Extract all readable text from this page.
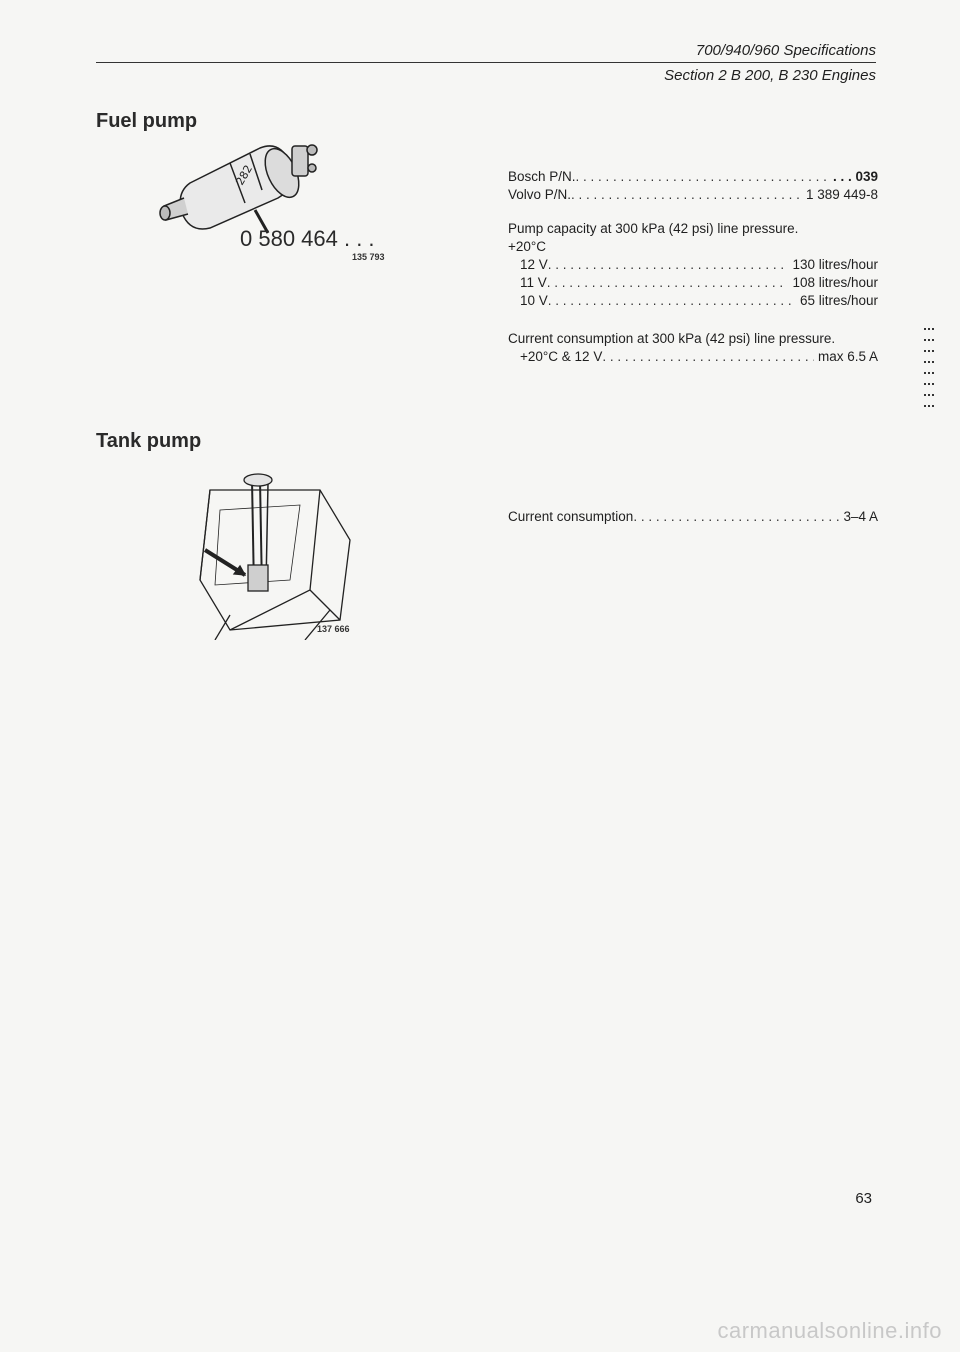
700/940/960 Specifications
Section 2 B 200, B 230 Engines
Fuel pump
282
0 580 464 . . .
135 793
Bosch P/N. . . .	. . . 039
Volvo P/N. . . .	1 389 449-8
Pump capacity at 300 kPa (42 psi) line pressure.
+20°C
12 V . . .	130 litres/hour
11 V . . .	108 litres/hour
10 V . . .	65 litres/hour
Current consumption at 300 kPa (42 psi) line pressure.
+20°C & 12 V . . .	max 6.5 A
Tank pump
137 666
Current consumption . . .	3–4 A
63
carmanualsonline.info
